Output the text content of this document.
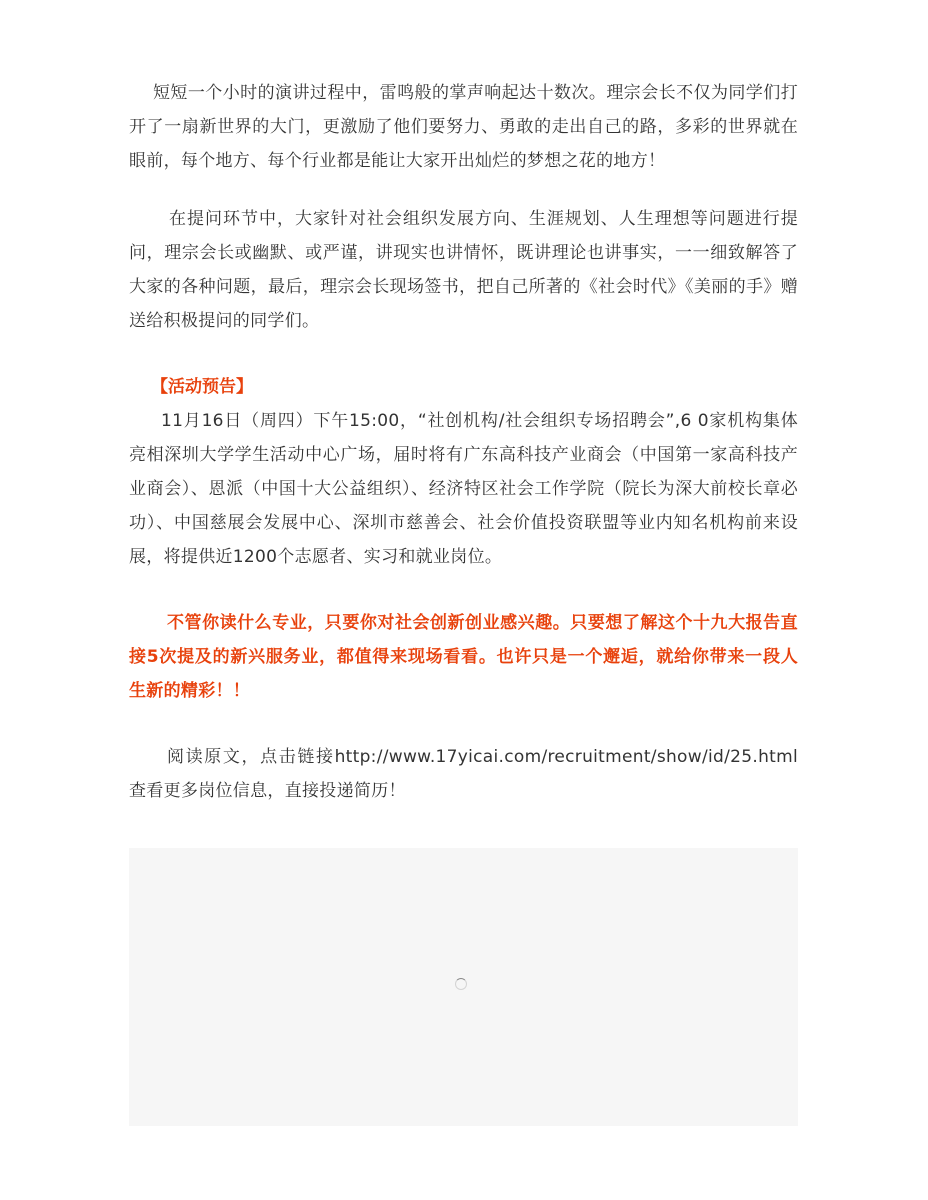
短短一个小时的演讲过程中，雷鸣般的掌声响起达十数次。理宗会长不仅为同学们打开了一扇新世界的大门，更激励了他们要努力、勇敢的走出自己的路，多彩的世界就在眼前，每个地方、每个行业都是能让大家开出灿烂的梦想之花的地方！

在提问环节中，大家针对社会组织发展方向、生涯规划、人生理想等问题进行提问，理宗会长或幽默、或严谨，讲现实也讲情怀，既讲理论也讲事实，一一细致解答了大家的各种问题，最后，理宗会长现场签书，把自己所著的《社会时代》《美丽的手》赠送给积极提问的同学们。

【活动预告】

11月16日（周四）下午15:00，“社创机构/社会组织专场招聘会”,6 0家机构集体亮相深圳大学学生活动中心广场，届时将有广东高科技产业商会（中国第一家高科技产业商会）、恩派（中国十大公益组织）、经济特区社会工作学院（院长为深大前校长章必功）、中国慈展会发展中心、深圳市慈善会、社会价值投资联盟等业内知名机构前来设展，将提供近1200个志愿者、实习和就业岗位。

不管你读什么专业，只要你对社会创新创业感兴趣。只要想了解这个十九大报告直接5次提及的新兴服务业，都值得来现场看看。也许只是一个邂逅，就给你带来一段人生新的精彩！！

阅读原文，点击链接http://www.17yicai.com/recruitment/show/id/25.html查看更多岗位信息，直接投递简历！
